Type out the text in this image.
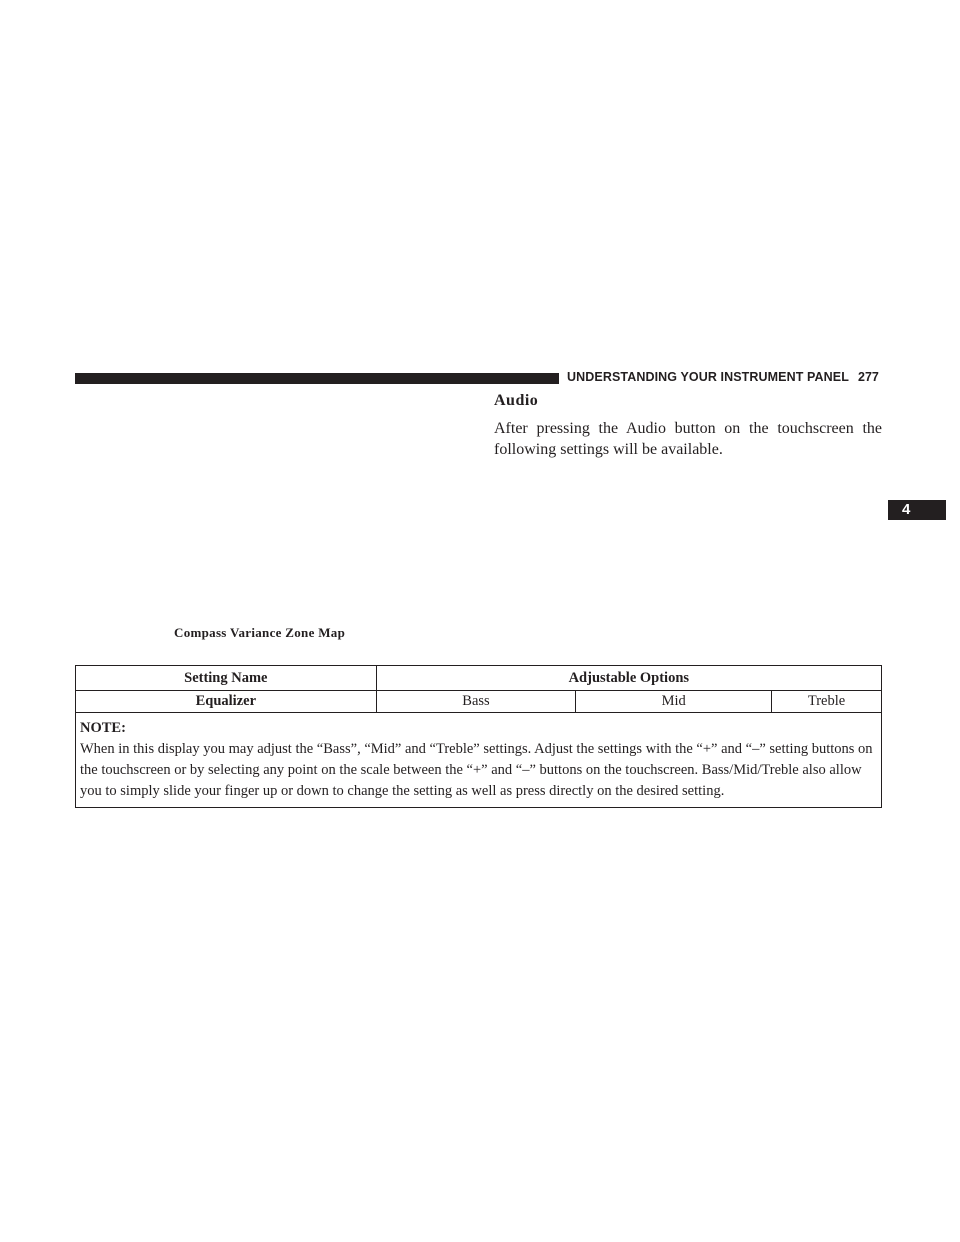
UNDERSTANDING YOUR INSTRUMENT PANEL 277
Audio
After pressing the Audio button on the touchscreen the following settings will be available.
4
Compass Variance Zone Map
Setting Name	Adjustable Options		
Equalizer	Bass	Mid	Treble

NOTE:
When in this display you may adjust the “Bass”, “Mid” and “Treble” settings. Adjust the settings with the “+” and “–” setting buttons on the touchscreen or by selecting any point on the scale between the “+” and “–” buttons on the touchscreen. Bass/Mid/Treble also allow you to simply slide your finger up or down to change the setting as well as press directly on the desired setting.			
